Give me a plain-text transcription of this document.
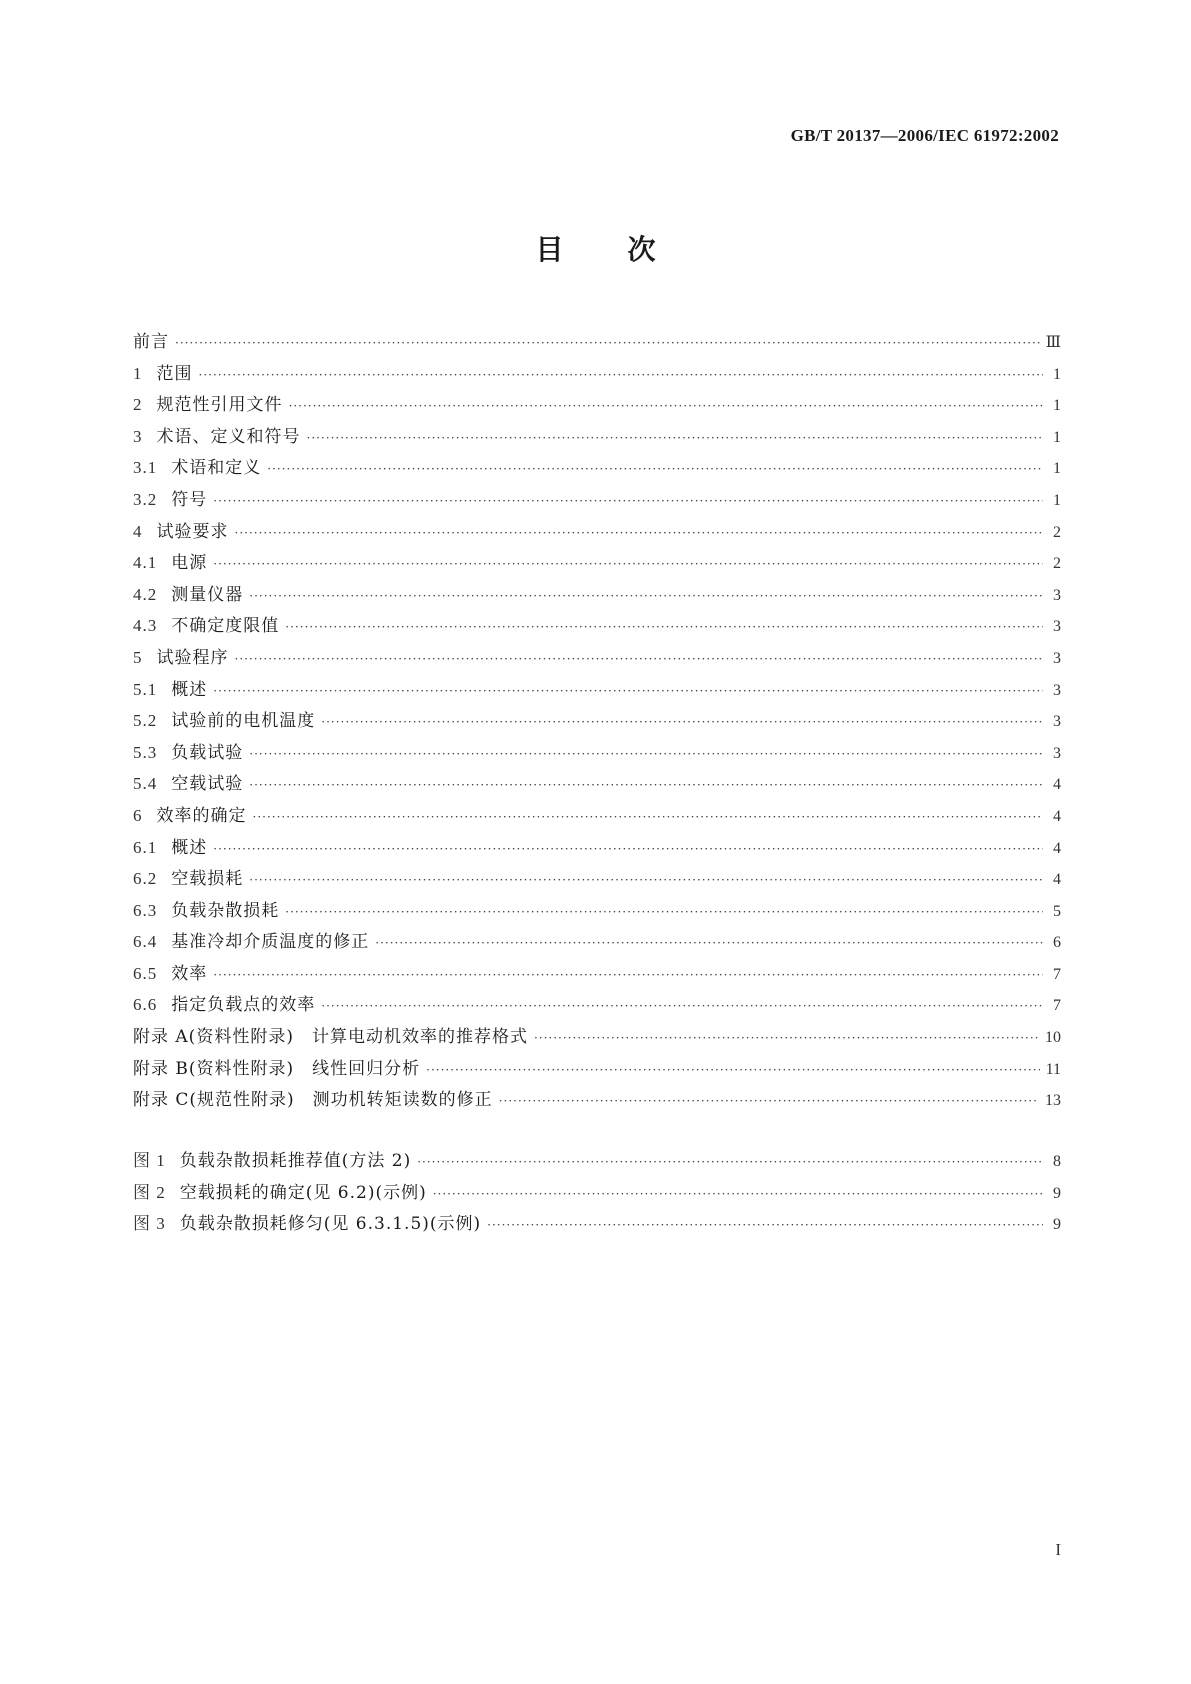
GB/T 20137—2006/IEC 61972:2002
目次
前言 ·····	Ⅲ
1 范围 ·····	1
2 规范性引用文件 ·····	1
3 术语、定义和符号 ·····	1
3.1 术语和定义 ·····	1
3.2 符号 ·····	1
4 试验要求 ·····	2
4.1 电源 ·····	2
4.2 测量仪器 ·····	3
4.3 不确定度限值 ·····	3
5 试验程序 ·····	3
5.1 概述 ·····	3
5.2 试验前的电机温度 ·····	3
5.3 负载试验 ·····	3
5.4 空载试验 ·····	4
6 效率的确定 ·····	4
6.1 概述 ·····	4
6.2 空载损耗 ·····	4
6.3 负载杂散损耗 ·····	5
6.4 基准冷却介质温度的修正 ·····	6
6.5 效率 ·····	7
6.6 指定负载点的效率 ·····	7
附录 A(资料性附录)　计算电动机效率的推荐格式 ·····	10
附录 B(资料性附录)　线性回归分析 ·····	11
附录 C(规范性附录)　测功机转矩读数的修正 ·····	13
图 1 负载杂散损耗推荐值(方法 2) ·····	8
图 2 空载损耗的确定(见 6.2)(示例) ·····	9
图 3 负载杂散损耗修匀(见 6.3.1.5)(示例) ·····	9
I
